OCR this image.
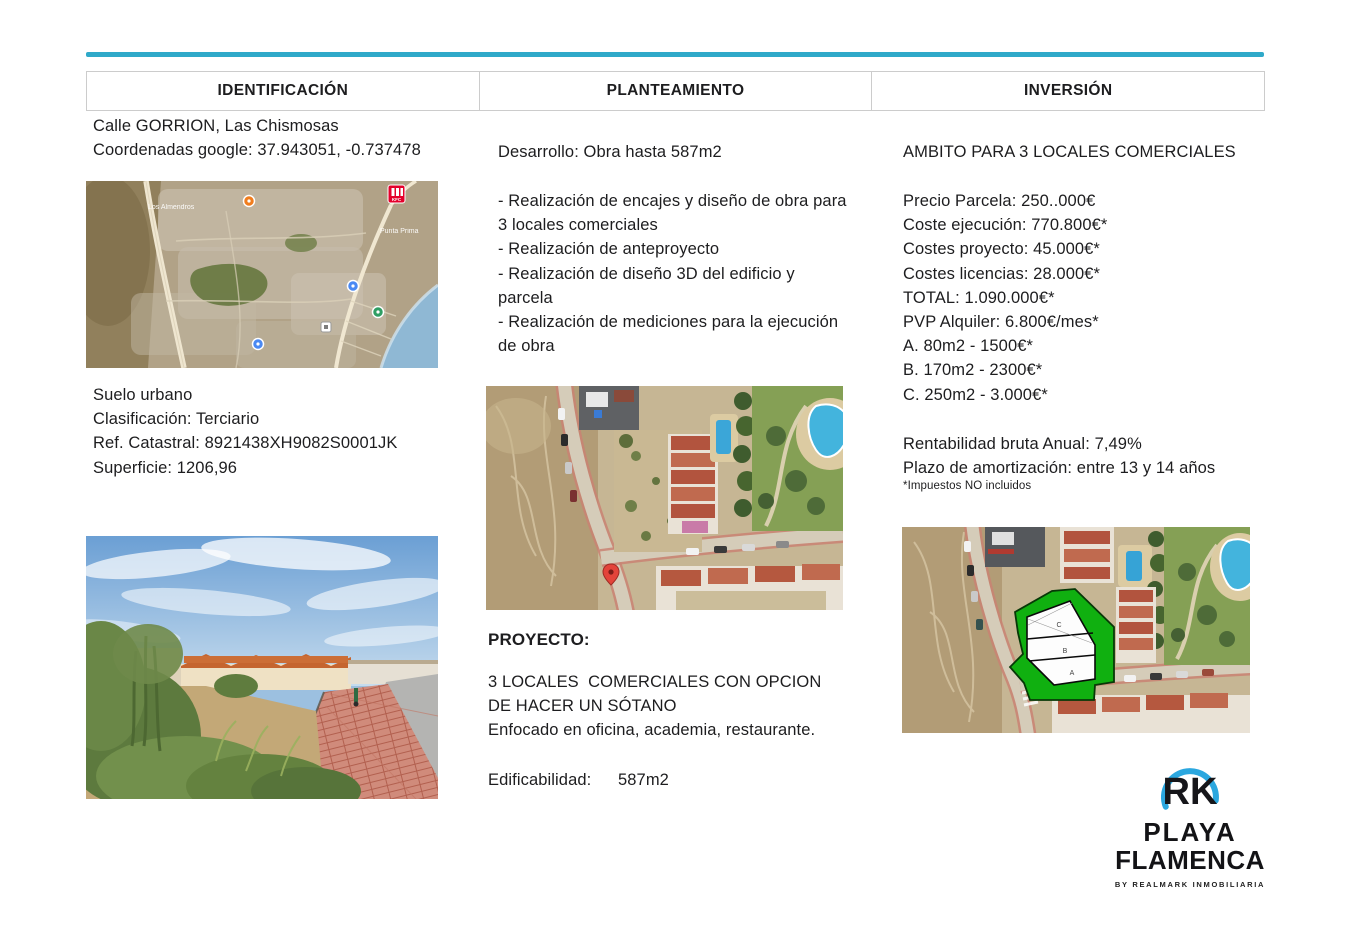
IDENTIFICACIÓN	PLANTEAMIENTO	INVERSIÓN
Calle GORRION, Las Chismosas
Coordenadas google: 37.943051, -0.737478
Los Almendros
Punta Prima
KFC
Suelo urbano
Clasificación: Terciario
Ref. Catastral: 8921438XH9082S0001JK
Superficie: 1206,96
Desarrollo: Obra hasta 587m2
- Realización de encajes y diseño de obra para 3 locales comerciales
- Realización de anteproyecto
- Realización de diseño 3D del edificio y parcela
- Realización de mediciones para la ejecución de obra
PROYECTO:
3 LOCALES  COMERCIALES CON OPCION DE HACER UN SÓTANO
Enfocado en oficina, academia, restaurante.
Edificabilidad: 587m2
AMBITO PARA 3 LOCALES COMERCIALES
Precio Parcela: 250..000€
Coste ejecución: 770.800€*
Costes proyecto: 45.000€*
Costes licencias: 28.000€*
TOTAL: 1.090.000€*
PVP Alquiler: 6.800€/mes*
A. 80m2 - 1500€*
B. 170m2 - 2300€*
C. 250m2 - 3.000€*
Rentabilidad bruta Anual: 7,49%
Plazo de amortización: entre 13 y 14 años
*Impuestos NO incluidos
C
B
A
RK
PLAYA
FLAMENCA
BY REALMARK INMOBILIARIA
